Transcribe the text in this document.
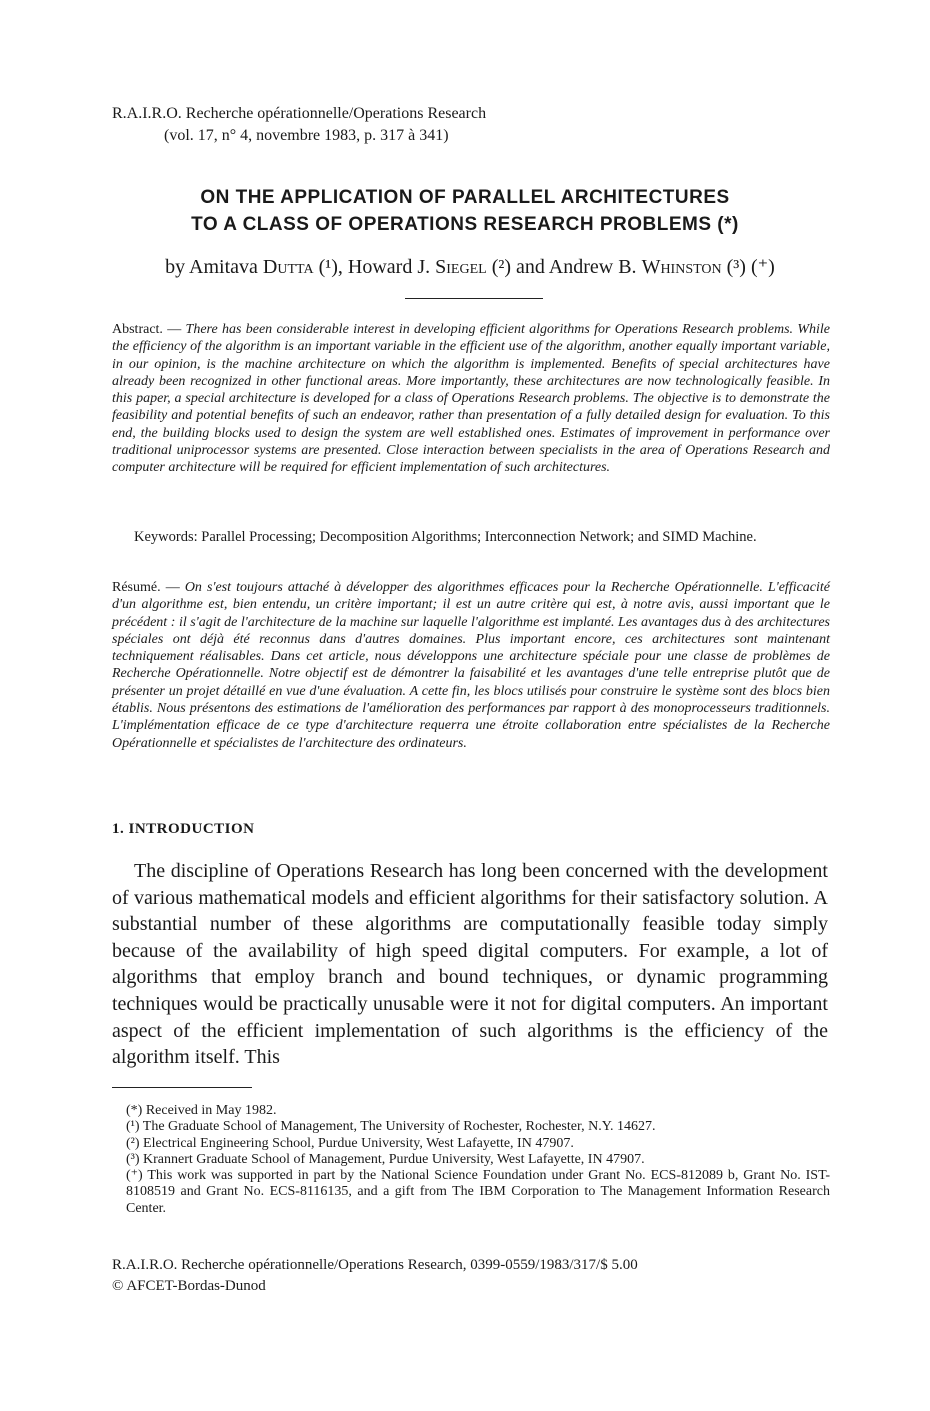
R.A.I.R.O. Recherche opérationnelle/Operations Research
(vol. 17, n° 4, novembre 1983, p. 317 à 341)
ON THE APPLICATION OF PARALLEL ARCHITECTURES
TO A CLASS OF OPERATIONS RESEARCH PROBLEMS (*)
by Amitava Dutta (¹), Howard J. Siegel (²) and Andrew B. Whinston (³) (⁺)
Abstract. — There has been considerable interest in developing efficient algorithms for Operations Research problems. While the efficiency of the algorithm is an important variable in the efficient use of the algorithm, another equally important variable, in our opinion, is the machine architecture on which the algorithm is implemented. Benefits of special architectures have already been recognized in other functional areas. More importantly, these architectures are now technologically feasible. In this paper, a special architecture is developed for a class of Operations Research problems. The objective is to demonstrate the feasibility and potential benefits of such an endeavor, rather than presentation of a fully detailed design for evaluation. To this end, the building blocks used to design the system are well established ones. Estimates of improvement in performance over traditional uniprocessor systems are presented. Close interaction between specialists in the area of Operations Research and computer architecture will be required for efficient implementation of such architectures.
Keywords: Parallel Processing; Decomposition Algorithms; Interconnection Network; and SIMD Machine.
Résumé. — On s'est toujours attaché à développer des algorithmes efficaces pour la Recherche Opérationnelle. L'efficacité d'un algorithme est, bien entendu, un critère important; il est un autre critère qui est, à notre avis, aussi important que le précédent : il s'agit de l'architecture de la machine sur laquelle l'algorithme est implanté. Les avantages dus à des architectures spéciales ont déjà été reconnus dans d'autres domaines. Plus important encore, ces architectures sont maintenant techniquement réalisables. Dans cet article, nous développons une architecture spéciale pour une classe de problèmes de Recherche Opérationnelle. Notre objectif est de démontrer la faisabilité et les avantages d'une telle entreprise plutôt que de présenter un projet détaillé en vue d'une évaluation. A cette fin, les blocs utilisés pour construire le système sont des blocs bien établis. Nous présentons des estimations de l'amélioration des performances par rapport à des monoprocesseurs traditionnels. L'implémentation efficace de ce type d'architecture requerra une étroite collaboration entre spécialistes de la Recherche Opérationnelle et spécialistes de l'architecture des ordinateurs.
1. INTRODUCTION
The discipline of Operations Research has long been concerned with the development of various mathematical models and efficient algorithms for their satisfactory solution. A substantial number of these algorithms are computationally feasible today simply because of the availability of high speed digital computers. For example, a lot of algorithms that employ branch and bound techniques, or dynamic programming techniques would be practically unusable were it not for digital computers. An important aspect of the efficient implementation of such algorithms is the efficiency of the algorithm itself. This

(*) Received in May 1982.

(¹) The Graduate School of Management, The University of Rochester, Rochester, N.Y. 14627.

(²) Electrical Engineering School, Purdue University, West Lafayette, IN 47907.

(³) Krannert Graduate School of Management, Purdue University, West Lafayette, IN 47907.

(⁺) This work was supported in part by the National Science Foundation under Grant No. ECS-812089 b, Grant No. IST-8108519 and Grant No. ECS-8116135, and a gift from The IBM Corporation to The Management Information Research Center.

R.A.I.R.O. Recherche opérationnelle/Operations Research, 0399-0559/1983/317/$ 5.00
© AFCET-Bordas-Dunod
